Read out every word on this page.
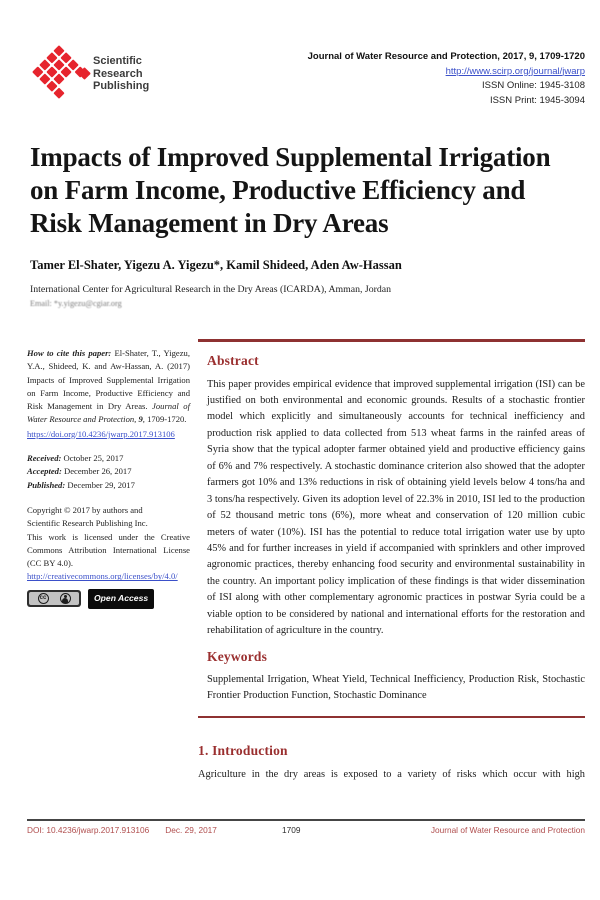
Scientific
Research
Publishing
Journal of Water Resource and Protection, 2017, 9, 1709-1720
http://www.scirp.org/journal/jwarp
ISSN Online: 1945-3108
ISSN Print: 1945-3094
Impacts of Improved Supplemental Irrigation on Farm Income, Productive Efficiency and Risk Management in Dry Areas
Tamer El-Shater, Yigezu A. Yigezu*, Kamil Shideed, Aden Aw-Hassan
International Center for Agricultural Research in the Dry Areas (ICARDA), Amman, Jordan
Email: *y.yigezu@cgiar.org

How to cite this paper: El-Shater, T., Yigezu, Y.A., Shideed, K. and Aw-Hassan, A. (2017) Impacts of Improved Supplemental Irrigation on Farm Income, Productive Efficiency and Risk Management in Dry Areas. Journal of Water Resource and Protection, 9, 1709-1720.

https://doi.org/10.4236/jwarp.2017.913106

Received: October 25, 2017

Accepted: December 26, 2017

Published: December 29, 2017

Copyright © 2017 by authors and

Scientific Research Publishing Inc.

This work is licensed under the Creative Commons Attribution International License (CC BY 4.0).

http://creativecommons.org/licenses/by/4.0/

cc	Open Access
Abstract

This paper provides empirical evidence that improved supplemental irrigation (ISI) can be justified on both environmental and economic grounds. Results of a stochastic frontier model which explicitly and simultaneously accounts for technical inefficiency and production risk applied to data collected from 513 wheat farms in the rainfed areas of Syria show that the typical adopter farmer obtained yield and productive efficiency gains of 6% and 7% respectively. A stochastic dominance criterion also showed that the adopter farmers got 10% and 13% reductions in risk of obtaining yield levels below 4 tons/ha and 3 tons/ha respectively. Given its adoption level of 22.3% in 2010, ISI led to the production of 52 thousand metric tons (6%), more wheat and conservation of 120 million cubic meters of water (10%). ISI has the potential to reduce total irrigation water use by upto 45% and for further increases in yield if accompanied with sprinklers and other improved agronomic practices, thereby enhancing food security and environmental sustainability in the country. An important policy implication of these findings is that wider dissemination of ISI along with other complementary agronomic practices in postwar Syria could be a viable option to be considered by national and international efforts for the restoration and rehabilitation of agriculture in the country.

Keywords

Supplemental Irrigation, Wheat Yield, Technical Inefficiency, Production Risk, Stochastic Frontier Production Function, Stochastic Dominance

1. Introduction

Agriculture in the dry areas is exposed to a variety of risks which occur with high

DOI: 10.4236/jwarp.2017.913106 Dec. 29, 2017	1709	Journal of Water Resource and Protection
